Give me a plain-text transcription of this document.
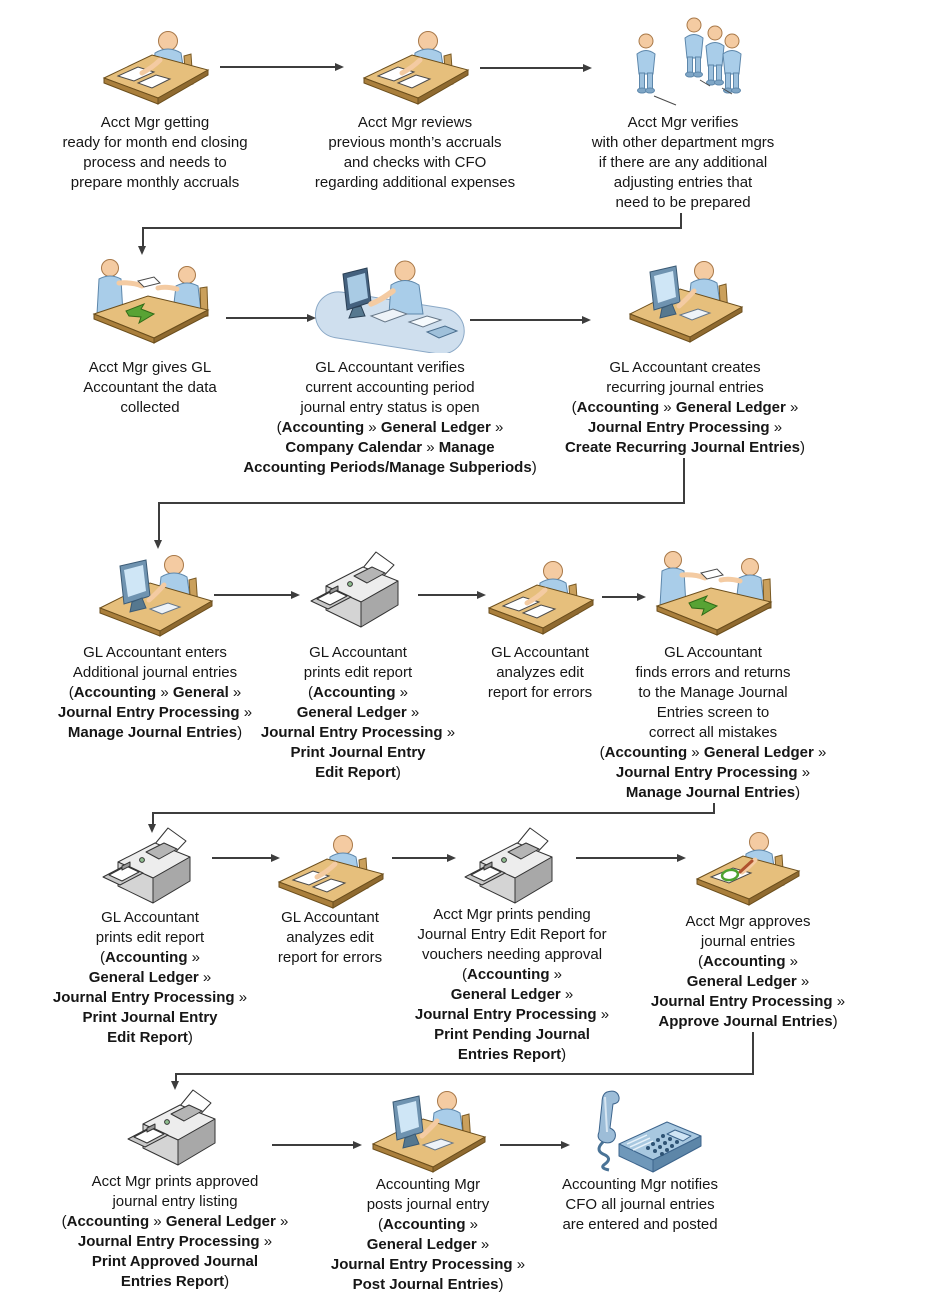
Acct Mgr getting
ready for month end closing
process and needs to
prepare monthly accruals
Acct Mgr reviews
previous month’s accruals
and checks with CFO
regarding additional expenses
Acct Mgr verifies
with other department mgrs
if there are any additional
adjusting entries that
need to be prepared
Acct Mgr gives GL
Accountant the data
collected
GL Accountant verifies
current accounting period
journal entry status is open
(Accounting » General Ledger »
Company Calendar » Manage
Accounting Periods/Manage Subperiods)
GL Accountant creates
recurring journal entries
(Accounting » General Ledger »
Journal Entry Processing »
Create Recurring Journal Entries)
GL Accountant enters
Additional journal entries
(Accounting » General »
Journal Entry Processing »
Manage Journal Entries)
GL Accountant
prints edit report
(Accounting »
General Ledger »
Journal Entry Processing »
Print Journal Entry
Edit Report)
GL Accountant
analyzes edit
report for errors
GL Accountant
finds errors and returns
to the Manage Journal
Entries screen to
correct all mistakes
(Accounting » General Ledger »
Journal Entry Processing »
Manage Journal Entries)
GL Accountant
prints edit report
(Accounting »
General Ledger »
Journal Entry Processing »
Print Journal Entry
Edit Report)
GL Accountant
analyzes edit
report for errors
Acct Mgr prints pending
Journal Entry Edit Report for
vouchers needing approval
(Accounting »
General Ledger »
Journal Entry Processing »
Print Pending Journal
Entries Report)
Acct Mgr approves
journal entries
(Accounting »
General Ledger »
Journal Entry Processing »
Approve Journal Entries)
Acct Mgr prints approved
journal entry listing
(Accounting » General Ledger »
Journal Entry Processing »
Print Approved Journal
Entries Report)
Accounting Mgr
posts journal entry
(Accounting »
General Ledger »
Journal Entry Processing »
Post Journal Entries)
Accounting Mgr notifies
CFO all journal entries
are entered and posted
